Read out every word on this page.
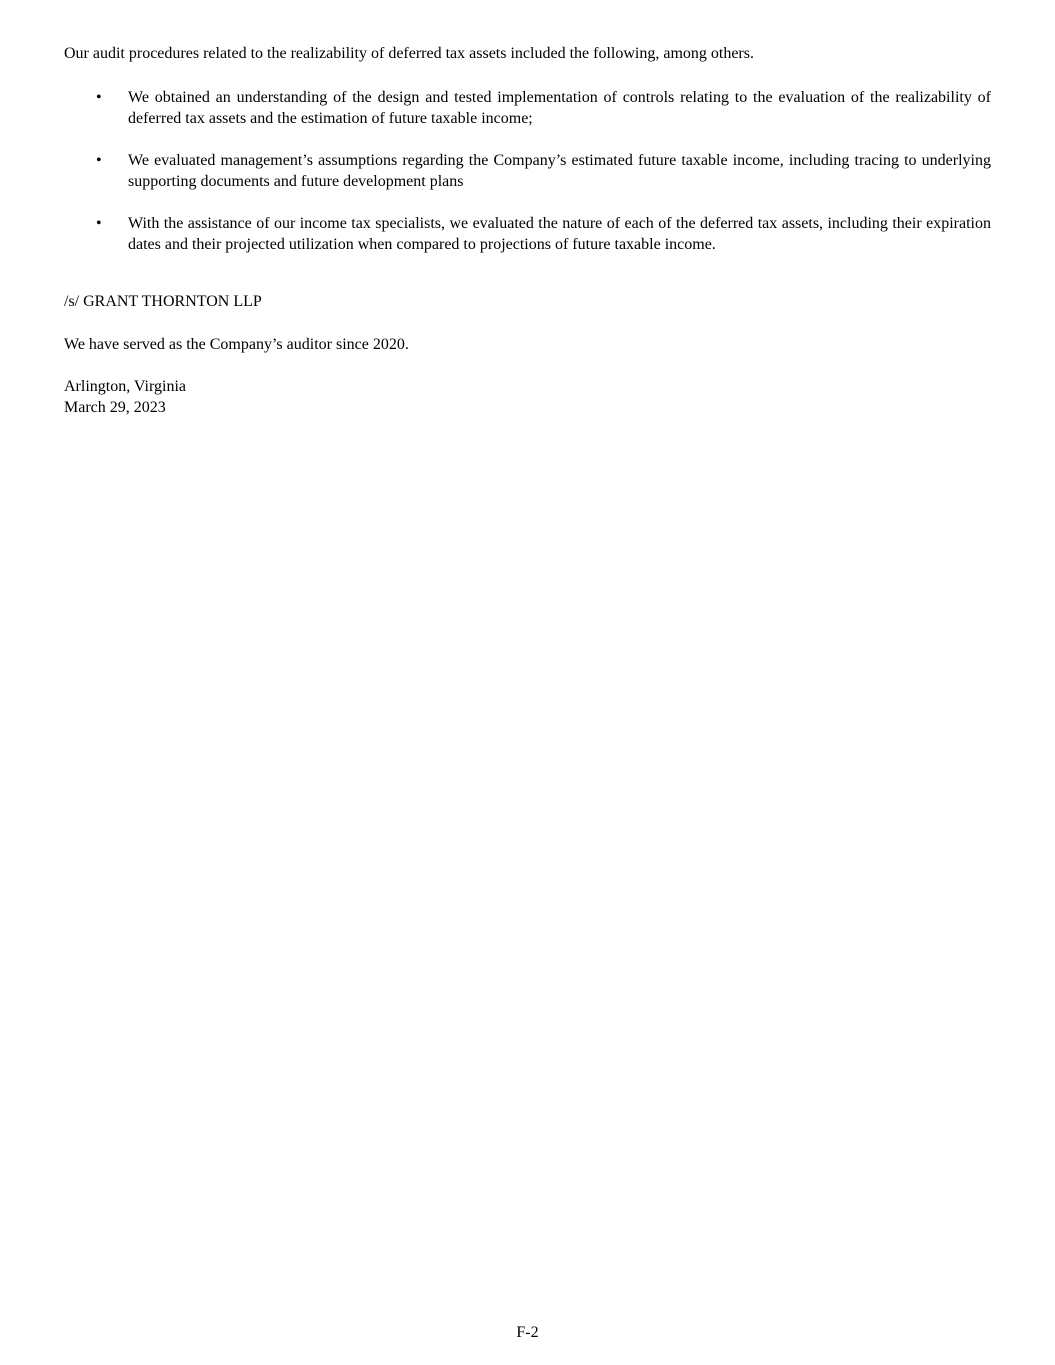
Our audit procedures related to the realizability of deferred tax assets included the following, among others.

• We obtained an understanding of the design and tested implementation of controls relating to the evaluation of the realizability of deferred tax assets and the estimation of future taxable income;
• We evaluated management’s assumptions regarding the Company’s estimated future taxable income, including tracing to underlying supporting documents and future development plans
• With the assistance of our income tax specialists, we evaluated the nature of each of the deferred tax assets, including their expiration dates and their projected utilization when compared to projections of future taxable income.

/s/ GRANT THORNTON LLP

We have served as the Company’s auditor since 2020.

Arlington, Virginia
March 29, 2023

F-2
